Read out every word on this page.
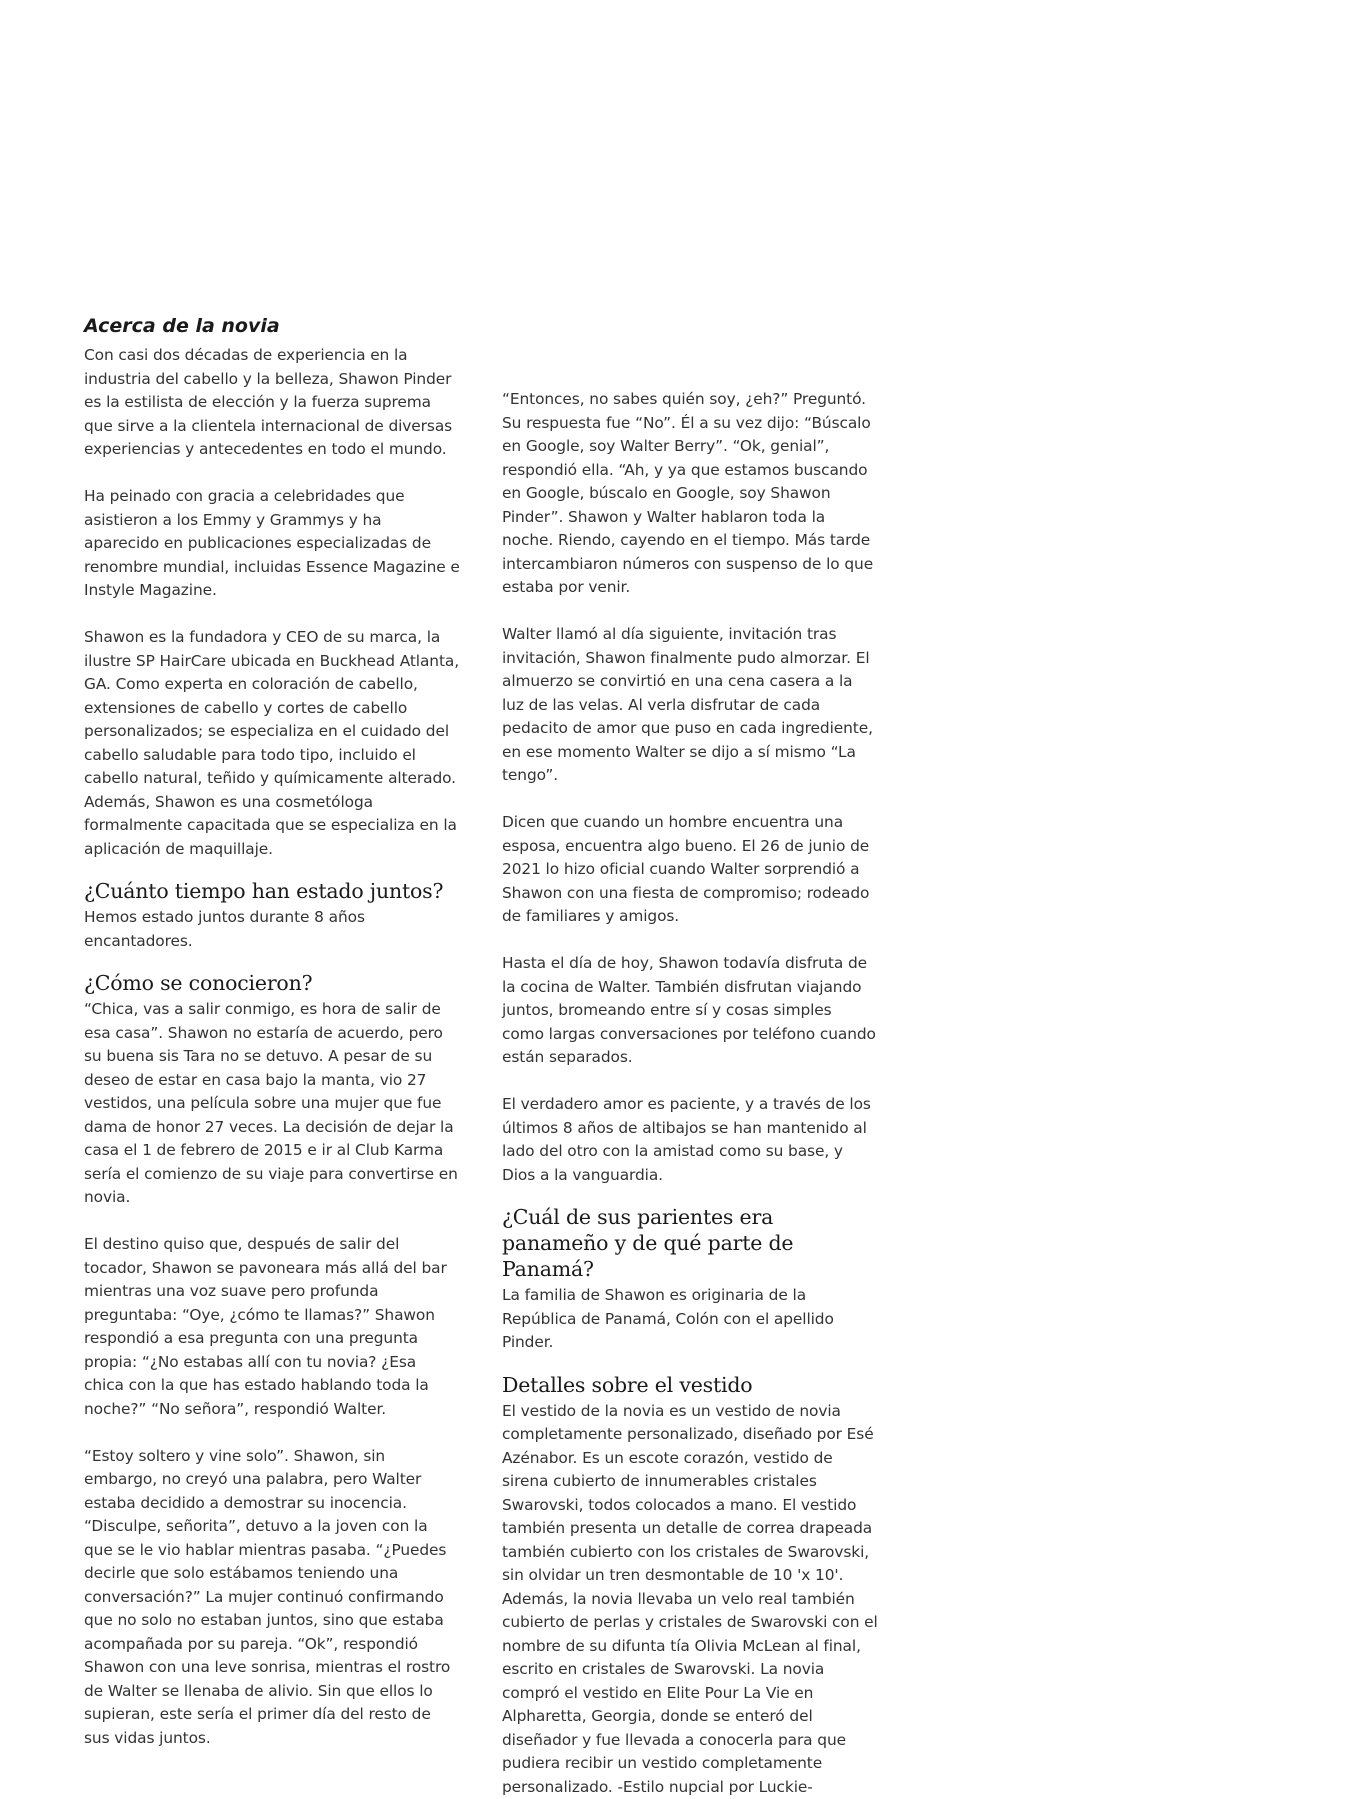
Acerca de la novia

Con casi dos décadas de experiencia en la industria del cabello y la belleza, Shawon Pinder es la estilista de elección y la fuerza suprema que sirve a la clientela internacional de diversas experiencias y antecedentes en todo el mundo.

Ha peinado con gracia a celebridades que asistieron a los Emmy y Grammys y ha aparecido en publicaciones especializadas de renombre mundial, incluidas Essence Magazine e Instyle Magazine.

Shawon es la fundadora y CEO de su marca, la ilustre SP HairCare ubicada en Buckhead Atlanta, GA. Como experta en coloración de cabello, extensiones de cabello y cortes de cabello personalizados; se especializa en el cuidado del cabello saludable para todo tipo, incluido el cabello natural, teñido y químicamente alterado. Además, Shawon es una cosmetóloga formalmente capacitada que se especializa en la aplicación de maquillaje.

¿Cuánto tiempo han estado juntos?

Hemos estado juntos durante 8 años encantadores.

¿Cómo se conocieron?

“Chica, vas a salir conmigo, es hora de salir de esa casa”. Shawon no estaría de acuerdo, pero su buena sis Tara no se detuvo. A pesar de su deseo de estar en casa bajo la manta, vio 27 vestidos, una película sobre una mujer que fue dama de honor 27 veces. La decisión de dejar la casa el 1 de febrero de 2015 e ir al Club Karma sería el comienzo de su viaje para convertirse en novia.

El destino quiso que, después de salir del tocador, Shawon se pavoneara más allá del bar mientras una voz suave pero profunda preguntaba: “Oye, ¿cómo te llamas?” Shawon respondió a esa pregunta con una pregunta propia: “¿No estabas allí con tu novia? ¿Esa chica con la que has estado hablando toda la noche?” “No señora”, respondió Walter.

“Estoy soltero y vine solo”. Shawon, sin embargo, no creyó una palabra, pero Walter estaba decidido a demostrar su inocencia. “Disculpe, señorita”, detuvo a la joven con la que se le vio hablar mientras pasaba. “¿Puedes decirle que solo estábamos teniendo una conversación?” La mujer continuó confirmando que no solo no estaban juntos, sino que estaba acompañada por su pareja. “Ok”, respondió Shawon con una leve sonrisa, mientras el rostro de Walter se llenaba de alivio. Sin que ellos lo supieran, este sería el primer día del resto de sus vidas juntos.

“Entonces, no sabes quién soy, ¿eh?” Preguntó. Su respuesta fue “No”. Él a su vez dijo: “Búscalo en Google, soy Walter Berry”. “Ok, genial”, respondió ella. “Ah, y ya que estamos buscando en Google, búscalo en Google, soy Shawon Pinder”. Shawon y Walter hablaron toda la noche. Riendo, cayendo en el tiempo. Más tarde intercambiaron números con suspenso de lo que estaba por venir.

Walter llamó al día siguiente, invitación tras invitación, Shawon finalmente pudo almorzar. El almuerzo se convirtió en una cena casera a la luz de las velas. Al verla disfrutar de cada pedacito de amor que puso en cada ingrediente, en ese momento Walter se dijo a sí mismo “La tengo”.

Dicen que cuando un hombre encuentra una esposa, encuentra algo bueno. El 26 de junio de 2021 lo hizo oficial cuando Walter sorprendió a Shawon con una fiesta de compromiso; rodeado de familiares y amigos.

Hasta el día de hoy, Shawon todavía disfruta de la cocina de Walter. También disfrutan viajando juntos, bromeando entre sí y cosas simples como largas conversaciones por teléfono cuando están separados.

El verdadero amor es paciente, y a través de los últimos 8 años de altibajos se han mantenido al lado del otro con la amistad como su base, y Dios a la vanguardia.

¿Cuál de sus parientes era panameño y de qué parte de Panamá?

La familia de Shawon es originaria de la República de Panamá, Colón con el apellido Pinder.

Detalles sobre el vestido

El vestido de la novia es un vestido de novia completamente personalizado, diseñado por Esé Azénabor. Es un escote corazón, vestido de sirena cubierto de innumerables cristales Swarovski, todos colocados a mano. El vestido también presenta un detalle de correa drapeada también cubierto con los cristales de Swarovski, sin olvidar un tren desmontable de 10 'x 10'. Además, la novia llevaba un velo real también cubierto de perlas y cristales de Swarovski con el nombre de su difunta tía Olivia McLean al final, escrito en cristales de Swarovski. La novia compró el vestido en Elite Pour La Vie en Alpharetta, Georgia, donde se enteró del diseñador y fue llevada a conocerla para que pudiera recibir un vestido completamente personalizado. -Estilo nupcial por Luckie-
